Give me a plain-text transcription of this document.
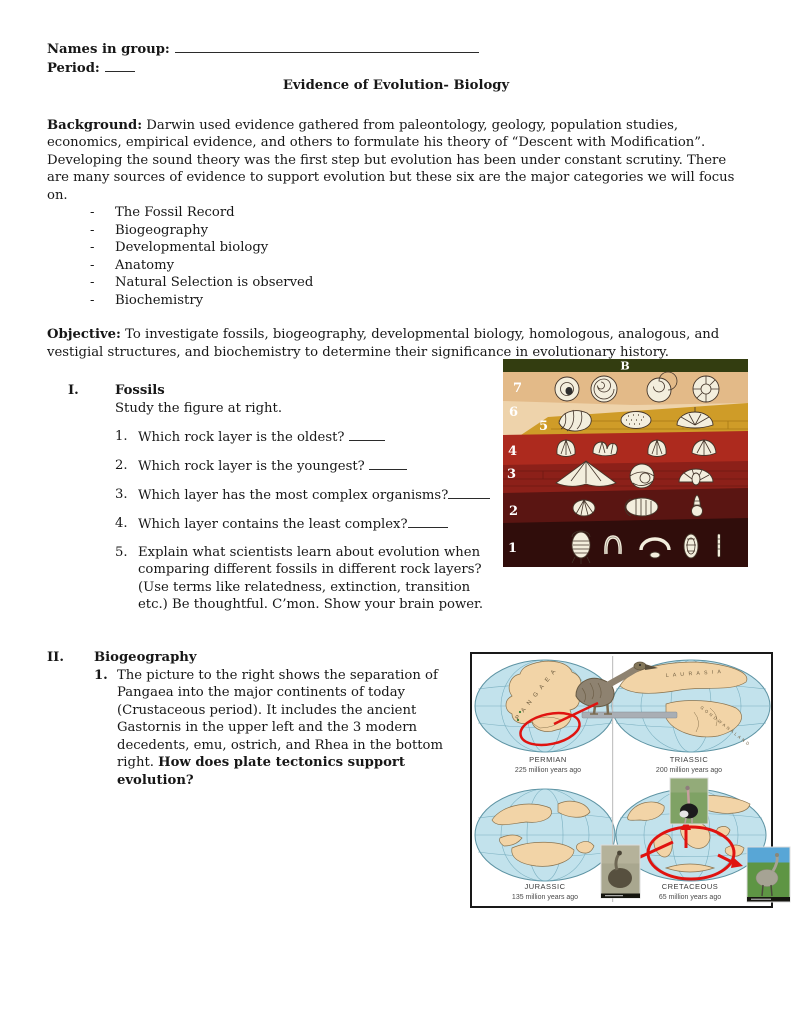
Names in group:
Period:
Evidence of Evolution- Biology

Background: Darwin used evidence gathered from paleontology, geology, population studies, economics, empirical evidence, and others to formulate his theory of “Descent with Modification”. Developing the sound theory was the first step but evolution has been under constant scrutiny. There are many sources of evidence to support evolution but these six are the major categories we will focus on.

- The Fossil Record
- Biogeography
- Developmental biology
- Anatomy
- Natural Selection is observed
- Biochemistry

Objective: To investigate fossils, biogeography, developmental biology, homologous, analogous, and vestigial structures, and biochemistry to determine their significance in evolutionary history.

I.	Fossils
Study the figure at right.
1. Which rock layer is the oldest?
2. Which rock layer is the youngest?
3. Which layer has the most complex organisms?
4. Which layer contains the least complex?
5. Explain what scientists learn about evolution when comparing different fossils in different rock layers? (Use terms like relatedness, extinction, transition etc.) Be thoughtful. C’mon. Show your brain power.
B
7
6
5
4
3
2
1
II.	Biogeography
1. The picture to the right shows the separation of Pangaea into the major continents of today (Crustaceous period). It includes the ancient Gastornis in the upper left and the 3 modern decedents, emu, ostrich, and Rhea in the bottom right. How does plate tectonics support evolution?
P A N G A E A	L A U R A S I A
G O N D W A N A L A N D
PERMIAN
225 million years ago
TRIASSIC
200 million years ago
JURASSIC
135 million years ago
CRETACEOUS
65 million years ago
